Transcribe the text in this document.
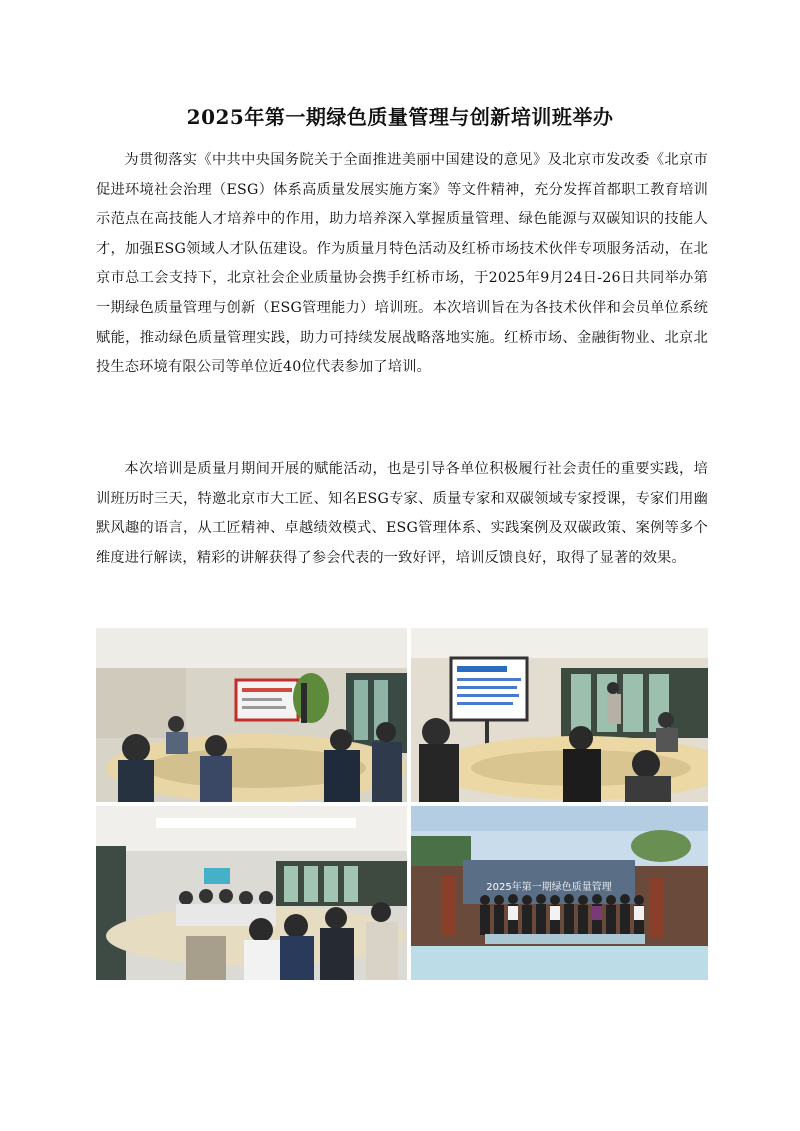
2025年第一期绿色质量管理与创新培训班举办

为贯彻落实《中共中央国务院关于全面推进美丽中国建设的意见》及北京市发改委《北京市促进环境社会治理（ESG）体系高质量发展实施方案》等文件精神，充分发挥首都职工教育培训示范点在高技能人才培养中的作用，助力培养深入掌握质量管理、绿色能源与双碳知识的技能人才，加强ESG领域人才队伍建设。作为质量月特色活动及红桥市场技术伙伴专项服务活动，在北京市总工会支持下，北京社会企业质量协会携手红桥市场，于2025年9月24日-26日共同举办第一期绿色质量管理与创新（ESG管理能力）培训班。本次培训旨在为各技术伙伴和会员单位系统赋能，推动绿色质量管理实践，助力可持续发展战略落地实施。红桥市场、金融街物业、北京北投生态环境有限公司等单位近40位代表参加了培训。

本次培训是质量月期间开展的赋能活动，也是引导各单位积极履行社会责任的重要实践，培训班历时三天，特邀北京市大工匠、知名ESG专家、质量专家和双碳领域专家授课，专家们用幽默风趣的语言，从工匠精神、卓越绩效模式、ESG管理体系、实践案例及双碳政策、案例等多个维度进行解读，精彩的讲解获得了参会代表的一致好评，培训反馈良好，取得了显著的效果。

2025年第一期绿色质量管理
